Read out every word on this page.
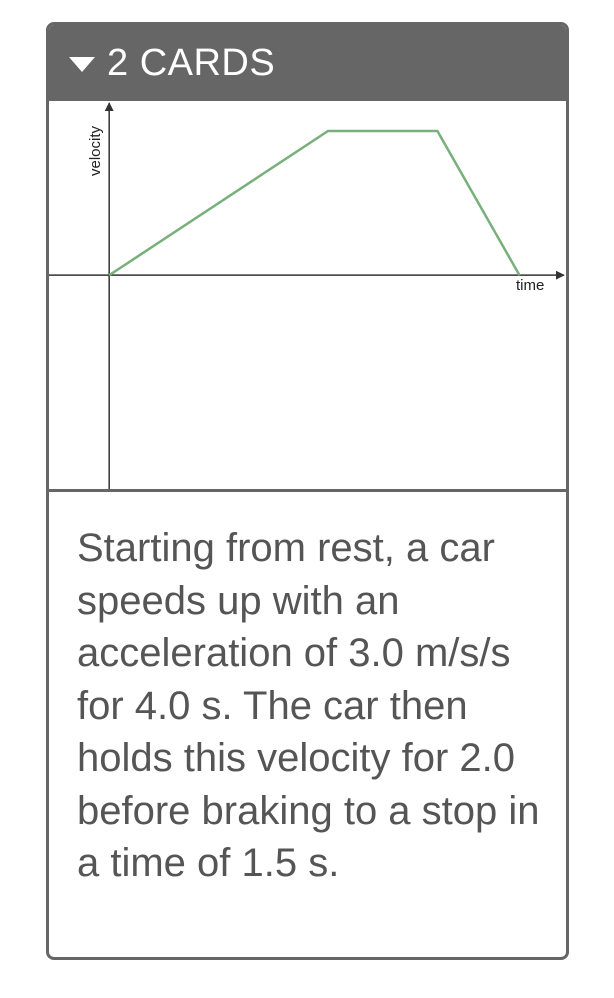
2 CARDS
time
velocity

Starting from rest, a car speeds up with an acceleration of 3.0 m/s/s for 4.0 s. The car then holds this velocity for 2.0 before braking to a stop in a time of 1.5 s.
